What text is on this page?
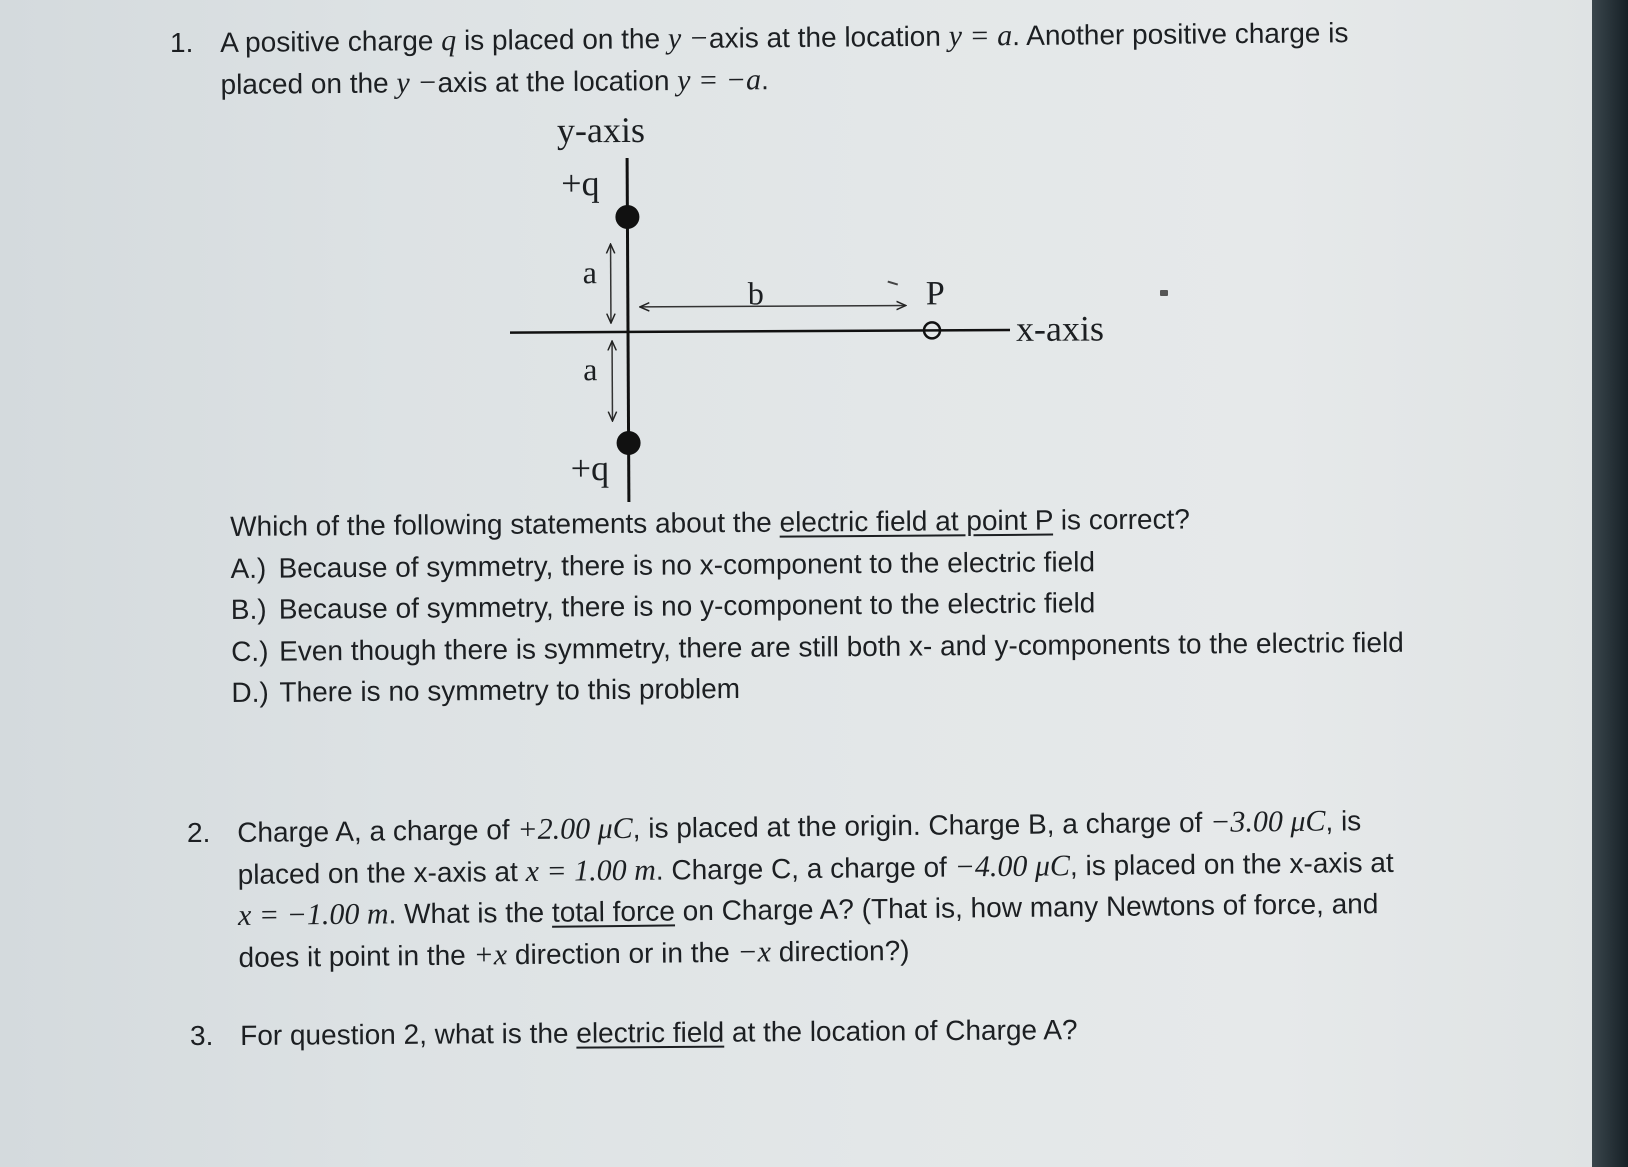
1. A positive charge q is placed on the y −axis at the location y = a. Another positive charge is
placed on the y −axis at the location y = −a.
y-axis
+q
a
a
+q
b	P
x-axis
Which of the following statements about the electric field at point P is correct?
A.) Because of symmetry, there is no x-component to the electric field
B.) Because of symmetry, there is no y-component to the electric field
C.) Even though there is symmetry, there are still both x- and y-components to the electric field
D.) There is no symmetry to this problem
2. Charge A, a charge of +2.00 μC, is placed at the origin. Charge B, a charge of −3.00 μC, is
placed on the x-axis at x = 1.00 m. Charge C, a charge of −4.00 μC, is placed on the x-axis at
x = −1.00 m. What is the total force on Charge A? (That is, how many Newtons of force, and
does it point in the +x direction or in the −x direction?)
3. For question 2, what is the electric field at the location of Charge A?
